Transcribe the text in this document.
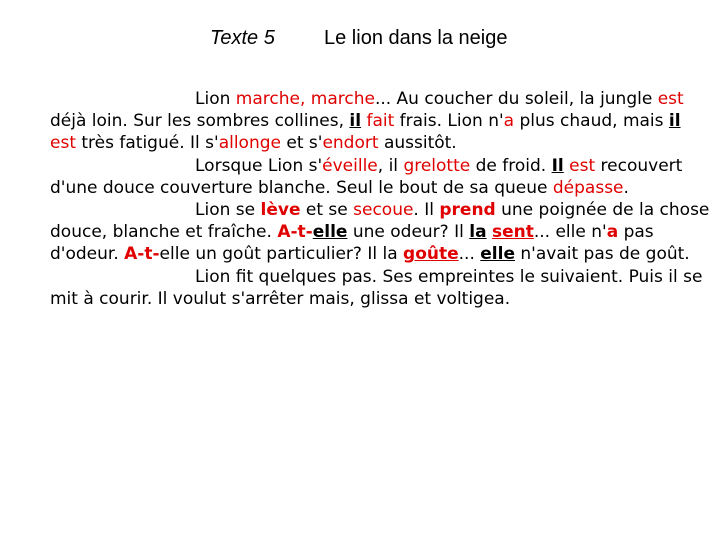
Texte 5 Le lion dans la neige

Lion marche, marche... Au coucher du soleil, la jungle est déjà loin. Sur les sombres collines, il fait frais. Lion n'a plus chaud, mais il est très fatigué. Il s'allonge et s'endort aussitôt.

Lorsque Lion s'éveille, il grelotte de froid. Il est recouvert d'une douce couverture blanche. Seul le bout de sa queue dépasse.

Lion se lève et se secoue. Il prend une poignée de la chose douce, blanche et fraîche. A-t-elle une odeur? Il la sent... elle n'a pas d'odeur. A-t-elle un goût particulier? Il la goûte... elle n'avait pas de goût.

Lion fit quelques pas. Ses empreintes le suivaient. Puis il se mit à courir. Il voulut s'arrêter mais, glissa et voltigea.
